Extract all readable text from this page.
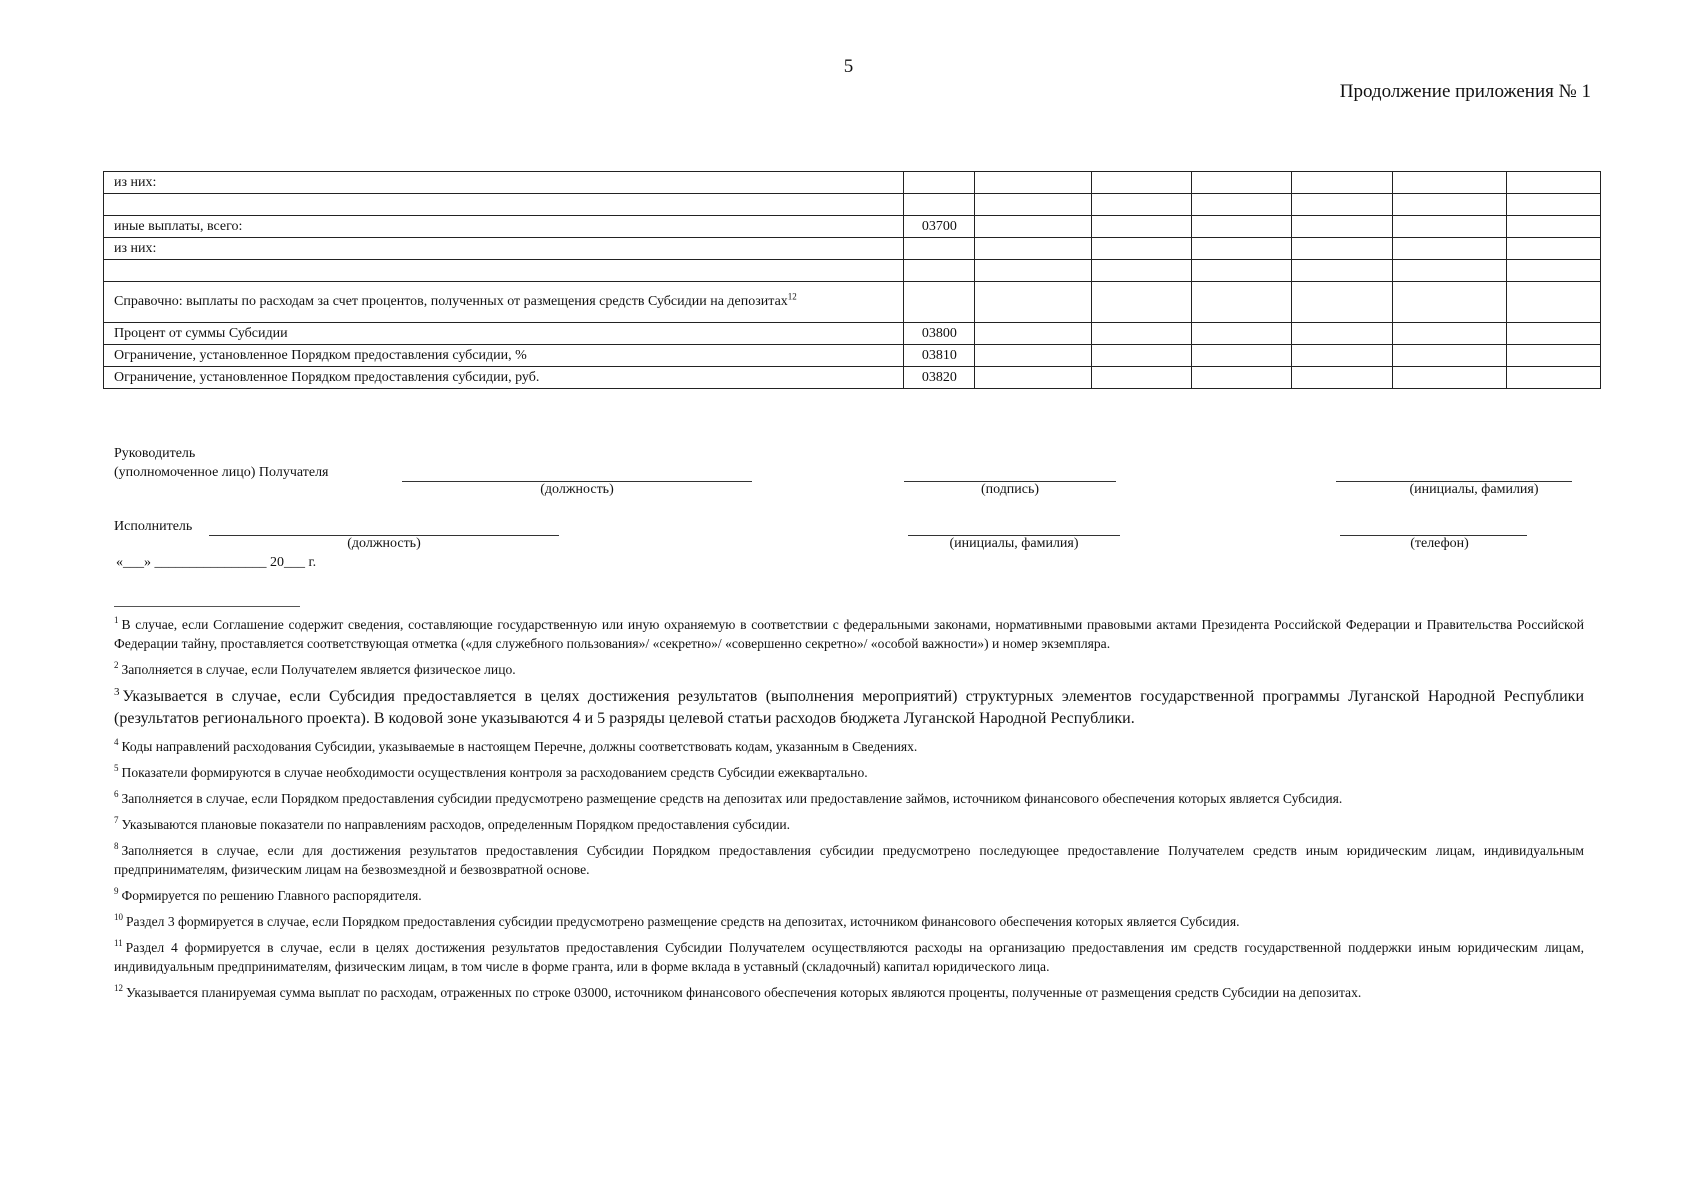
5
Продолжение приложения № 1
из них:							

иные выплаты, всего:	03700						
из них:							

Справочно: выплаты по расходам за счет процентов, полученных от размещения средств Субсидии на депозитах$^{12}$							
Процент от суммы Субсидии	03800						
Ограничение, установленное Порядком предоставления субсидии, %	03810						
Ограничение, установленное Порядком предоставления субсидии, руб.	03820						
Руководитель
(уполномоченное лицо) Получателя
(должность)	(подпись)	(инициалы, фамилия)
Исполнитель
(должность)	(инициалы, фамилия)	(телефон)
«___» ________________ 20___ г.

$^1$ В случае, если Соглашение содержит сведения, составляющие государственную или иную охраняемую в соответствии с федеральными законами, нормативными правовыми актами Президента Российской Федерации и Правительства Российской Федерации тайну, проставляется соответствующая отметка («для служебного пользования»/ «секретно»/ «совершенно секретно»/ «особой важности») и номер экземпляра.

$^2$ Заполняется в случае, если Получателем является физическое лицо.

$^3$ Указывается в случае, если Субсидия предоставляется в целях достижения результатов (выполнения мероприятий) структурных элементов государственной программы Луганской Народной Республики (результатов регионального проекта). В кодовой зоне указываются 4 и 5 разряды целевой статьи расходов бюджета Луганской Народной Республики.

$^4$ Коды направлений расходования Субсидии, указываемые в настоящем Перечне, должны соответствовать кодам, указанным в Сведениях.

$^5$ Показатели формируются в случае необходимости осуществления контроля за расходованием средств Субсидии ежеквартально.

$^6$ Заполняется в случае, если Порядком предоставления субсидии предусмотрено размещение средств на депозитах или предоставление займов, источником финансового обеспечения которых является Субсидия.

$^7$ Указываются плановые показатели по направлениям расходов, определенным Порядком предоставления субсидии.

$^8$ Заполняется в случае, если для достижения результатов предоставления Субсидии Порядком предоставления субсидии предусмотрено последующее предоставление Получателем средств иным юридическим лицам, индивидуальным предпринимателям, физическим лицам на безвозмездной и безвозвратной основе.

$^9$ Формируется по решению Главного распорядителя.

$^{10}$ Раздел 3 формируется в случае, если Порядком предоставления субсидии предусмотрено размещение средств на депозитах, источником финансового обеспечения которых является Субсидия.

$^{11}$ Раздел 4 формируется в случае, если в целях достижения результатов предоставления Субсидии Получателем осуществляются расходы на организацию предоставления им средств государственной поддержки иным юридическим лицам, индивидуальным предпринимателям, физическим лицам, в том числе в форме гранта, или в форме вклада в уставный (складочный) капитал юридического лица.

$^{12}$ Указывается планируемая сумма выплат по расходам, отраженных по строке 03000, источником финансового обеспечения которых являются проценты, полученные от размещения средств Субсидии на депозитах.
